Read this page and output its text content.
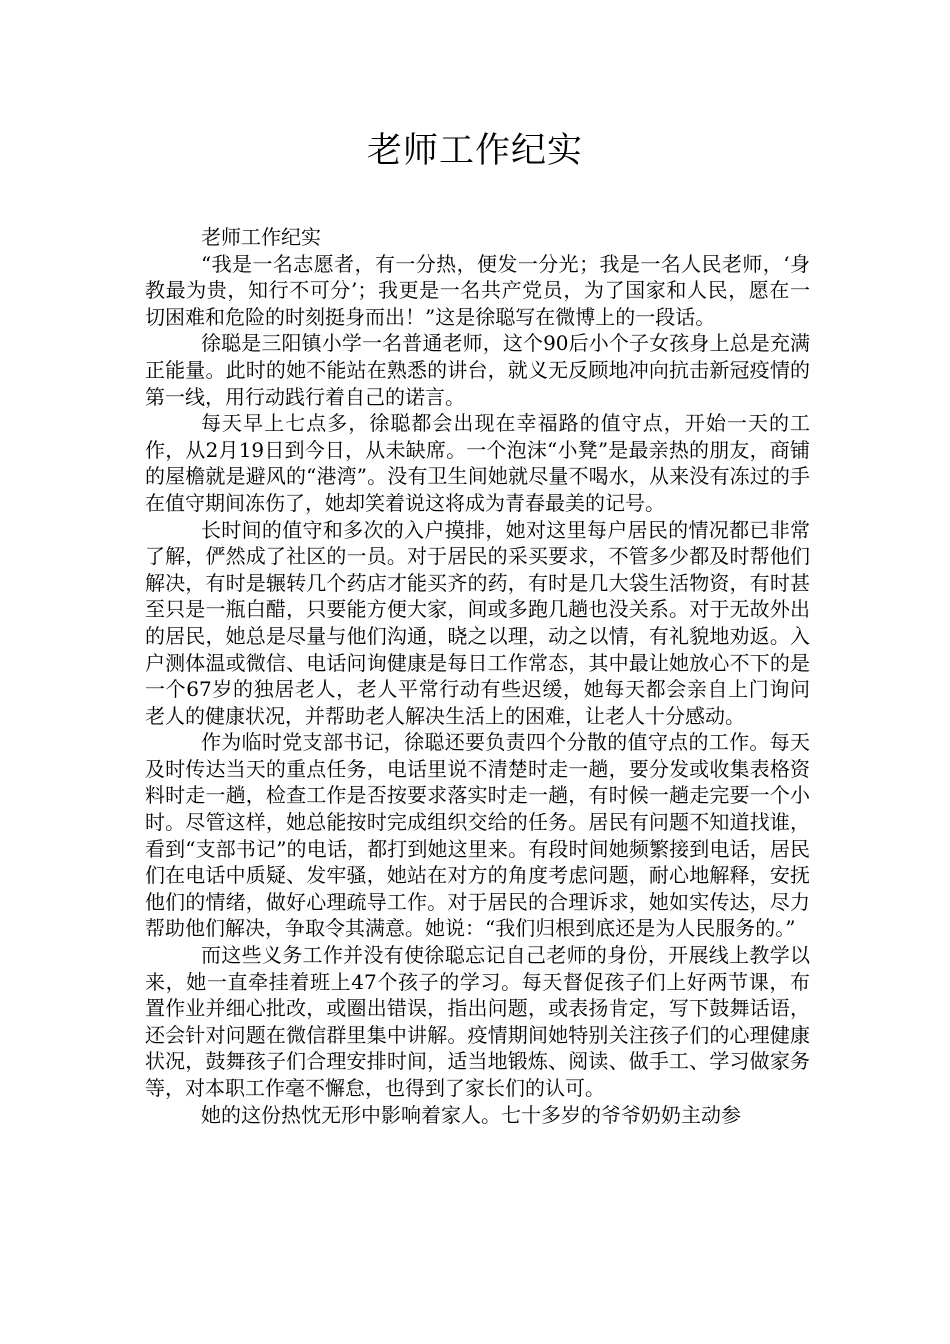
老师工作纪实

老师工作纪实

“我是一名志愿者，有一分热，便发一分光；我是一名人民老师，‘身教最为贵，知行不可分’；我更是一名共产党员，为了国家和人民，愿在一切困难和危险的时刻挺身而出！”这是徐聪写在微博上的一段话。

徐聪是三阳镇小学一名普通老师，这个90后小个子女孩身上总是充满正能量。此时的她不能站在熟悉的讲台，就义无反顾地冲向抗击新冠疫情的第一线，用行动践行着自己的诺言。

每天早上七点多，徐聪都会出现在幸福路的值守点，开始一天的工作，从2月19日到今日，从未缺席。一个泡沫“小凳”是最亲热的朋友，商铺的屋檐就是避风的“港湾”。没有卫生间她就尽量不喝水，从来没有冻过的手在值守期间冻伤了，她却笑着说这将成为青春最美的记号。

长时间的值守和多次的入户摸排，她对这里每户居民的情况都已非常了解，俨然成了社区的一员。对于居民的采买要求，不管多少都及时帮他们解决，有时是辗转几个药店才能买齐的药，有时是几大袋生活物资，有时甚至只是一瓶白醋，只要能方便大家，间或多跑几趟也没关系。对于无故外出的居民，她总是尽量与他们沟通，晓之以理，动之以情，有礼貌地劝返。入户测体温或微信、电话问询健康是每日工作常态，其中最让她放心不下的是一个67岁的独居老人，老人平常行动有些迟缓，她每天都会亲自上门询问老人的健康状况，并帮助老人解决生活上的困难，让老人十分感动。

作为临时党支部书记，徐聪还要负责四个分散的值守点的工作。每天及时传达当天的重点任务，电话里说不清楚时走一趟，要分发或收集表格资料时走一趟，检查工作是否按要求落实时走一趟，有时候一趟走完要一个小时。尽管这样，她总能按时完成组织交给的任务。居民有问题不知道找谁，看到“支部书记”的电话，都打到她这里来。有段时间她频繁接到电话，居民们在电话中质疑、发牢骚，她站在对方的角度考虑问题，耐心地解释，安抚他们的情绪，做好心理疏导工作。对于居民的合理诉求，她如实传达，尽力帮助他们解决，争取令其满意。她说：“我们归根到底还是为人民服务的。”

而这些义务工作并没有使徐聪忘记自己老师的身份，开展线上教学以来，她一直牵挂着班上47个孩子的学习。每天督促孩子们上好两节课，布置作业并细心批改，或圈出错误，指出问题，或表扬肯定，写下鼓舞话语，还会针对问题在微信群里集中讲解。疫情期间她特别关注孩子们的心理健康状况，鼓舞孩子们合理安排时间，适当地锻炼、阅读、做手工、学习做家务等，对本职工作毫不懈怠，也得到了家长们的认可。

她的这份热忱无形中影响着家人。七十多岁的爷爷奶奶主动参
